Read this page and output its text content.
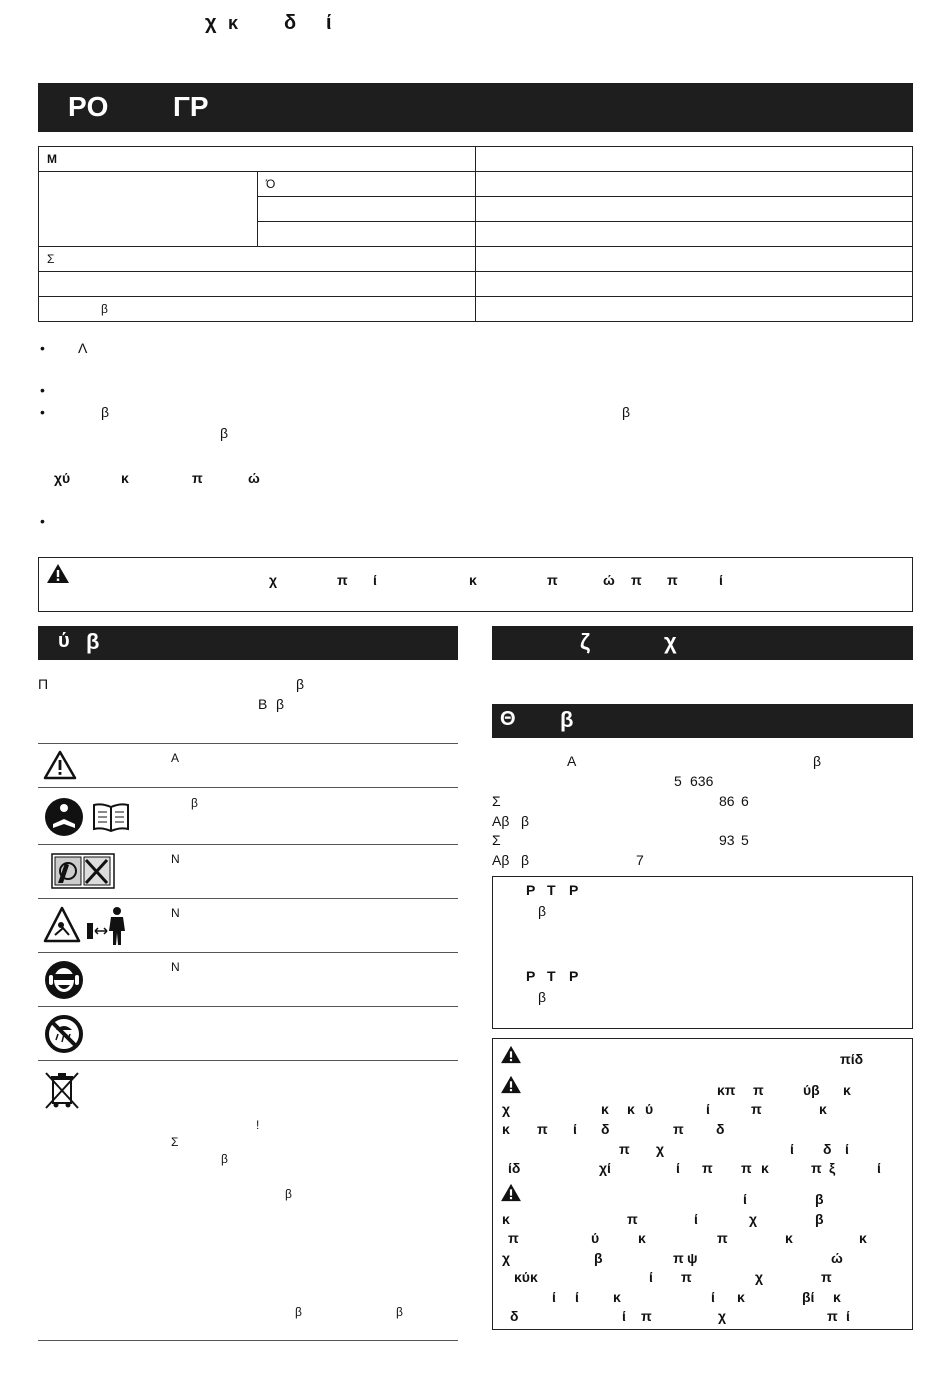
χ κ δ ί
ΡΟ ΓΡ
Μ		
	Ό	

Σ		

β		
• Λ
•
•	β	β
β
χύ	κ	π	ώ
•
χ	π ί	κ	π	ώ π π	ί
ύ β
Π	β
Β β
Α
β
Ν
Ν
Ν
!
Σ
β
β
β	β
ζ	χ
Θ β
Α	β
5 636
Σ	86 6
Αβ β
Σ	93 5
Αβ β	7
Ρ Τ Ρ
β
Ρ Τ Ρ
β
πίδ
κπ π	ύβ κ
χ	κ κ ύ	ί	π	κ
κ π ί δ	π δ
π χ	ί δ ί
ίδ	χί	ί π π κ	π ξ	ί
ί	β
κ	π	ί	χ	β
π	ύ	κ	π	κ	κ
χ	β	π ψ	ώ
κύκ	ί π	χ	π
ί ί κ	ί κ	βί κ
δ	ί π	χ	π ί
